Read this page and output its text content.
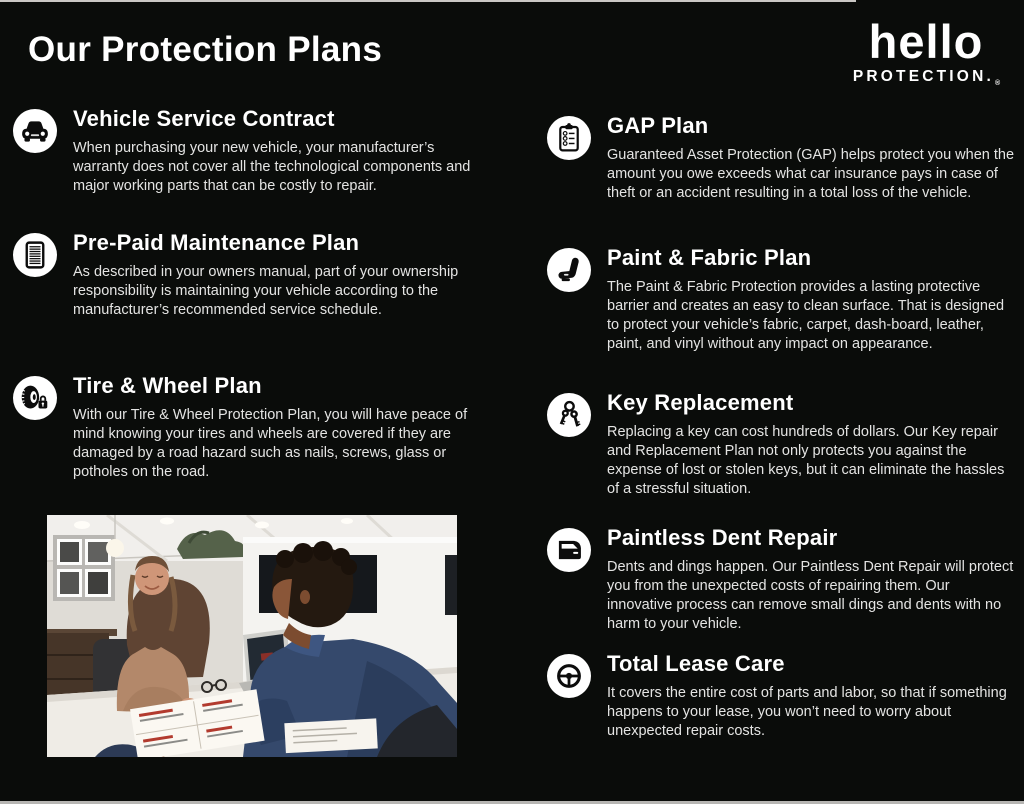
Our Protection Plans	hello
$PROTECTION._®$
Vehicle Service Contract

When purchasing your new vehicle, your manufacturer’s warranty does not cover all the technological components and major working parts that can be costly to repair.

Pre-Paid Maintenance Plan

As described in your owners manual, part of your ownership responsibility is maintaining your vehicle according to the manufacturer’s recommended service schedule.

Tire & Wheel Plan

With our Tire & Wheel Protection Plan, you will have peace of mind knowing your tires and wheels are covered if they are damaged by a road hazard such as nails, screws, glass or potholes on the road.

GAP Plan

Guaranteed Asset Protection (GAP) helps protect you when the amount you owe exceeds what car insurance pays in case of theft or an accident resulting in a total loss of the vehicle.

Paint & Fabric Plan

The Paint & Fabric Protection provides a lasting protective barrier and creates an easy to clean surface. That is designed to protect your vehicle’s fabric, carpet, dash-board, leather, paint, and vinyl without any impact on appearance.

Key Replacement

Replacing a key can cost hundreds of dollars. Our Key repair and Replacement Plan not only protects you against the expense of lost or stolen keys, but it can eliminate the hassles of a stressful situation.

Paintless Dent Repair

Dents and dings happen. Our Paintless Dent Repair will protect you from the unexpected costs of repairing them. Our innovative process can remove small dings and dents with no harm to your vehicle.

Total Lease Care

It covers the entire cost of parts and labor, so that if something happens to your lease, you won’t need to worry about unexpected repair costs.
